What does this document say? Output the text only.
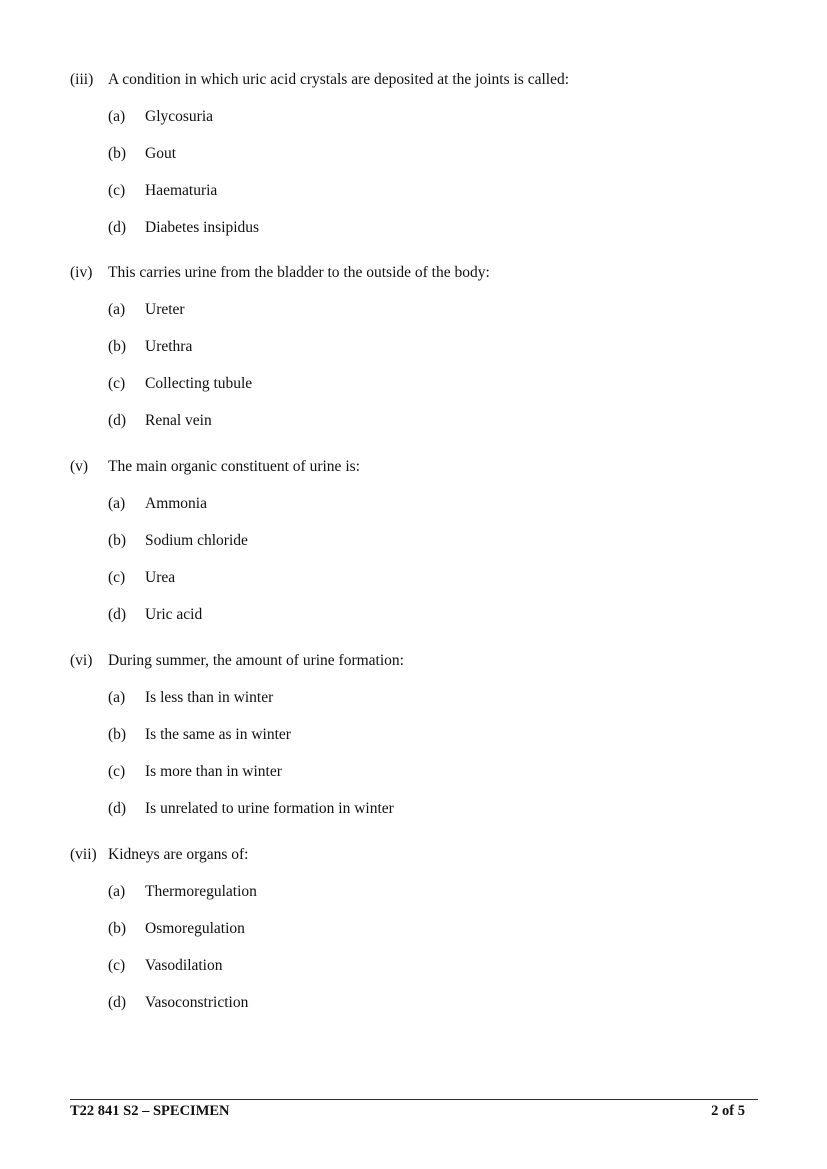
(iii) A condition in which uric acid crystals are deposited at the joints is called:
(a) Glycosuria
(b) Gout
(c) Haematuria
(d) Diabetes insipidus
(iv) This carries urine from the bladder to the outside of the body:
(a) Ureter
(b) Urethra
(c) Collecting tubule
(d) Renal vein
(v) The main organic constituent of urine is:
(a) Ammonia
(b) Sodium chloride
(c) Urea
(d) Uric acid
(vi) During summer, the amount of urine formation:
(a) Is less than in winter
(b) Is the same as in winter
(c) Is more than in winter
(d) Is unrelated to urine formation in winter
(vii) Kidneys are organs of:
(a) Thermoregulation
(b) Osmoregulation
(c) Vasodilation
(d) Vasoconstriction
T22 841 S2 – SPECIMEN	2 of 5
